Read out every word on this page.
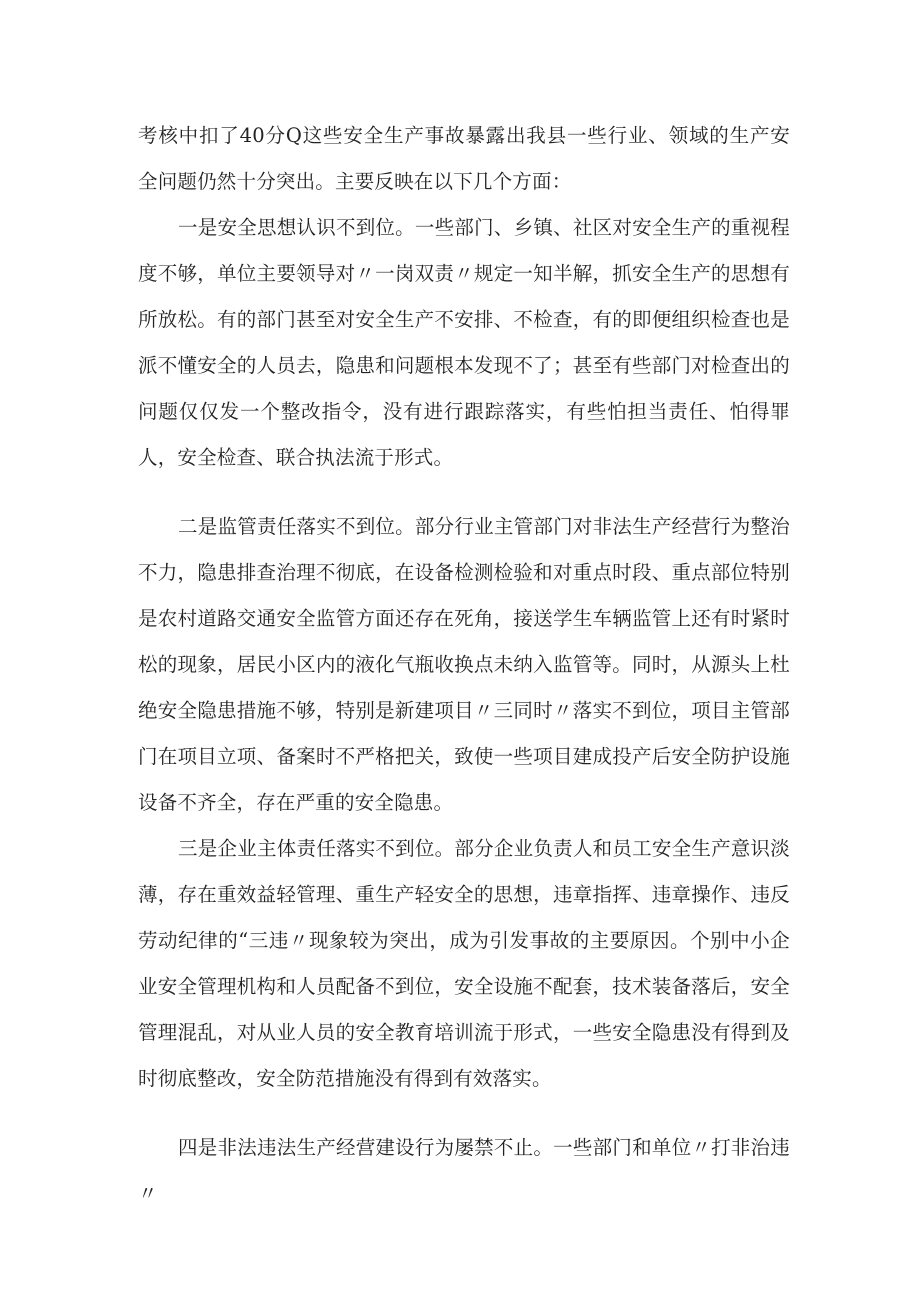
考核中扣了40分Q这些安全生产事故暴露出我县一些行业、领域的生产安全问题仍然十分突出。主要反映在以下几个方面：

一是安全思想认识不到位。一些部门、乡镇、社区对安全生产的重视程度不够，单位主要领导对〃一岗双责〃规定一知半解，抓安全生产的思想有所放松。有的部门甚至对安全生产不安排、不检查，有的即便组织检查也是派不懂安全的人员去，隐患和问题根本发现不了；甚至有些部门对检查出的问题仅仅发一个整改指令，没有进行跟踪落实，有些怕担当责任、怕得罪人，安全检查、联合执法流于形式。

二是监管责任落实不到位。部分行业主管部门对非法生产经营行为整治不力，隐患排查治理不彻底，在设备检测检验和对重点时段、重点部位特别是农村道路交通安全监管方面还存在死角，接送学生车辆监管上还有时紧时松的现象，居民小区内的液化气瓶收换点未纳入监管等。同时，从源头上杜绝安全隐患措施不够，特别是新建项目〃三同时〃落实不到位，项目主管部门在项目立项、备案时不严格把关，致使一些项目建成投产后安全防护设施设备不齐全，存在严重的安全隐患。

三是企业主体责任落实不到位。部分企业负责人和员工安全生产意识淡薄，存在重效益轻管理、重生产轻安全的思想，违章指挥、违章操作、违反劳动纪律的“三违〃现象较为突出，成为引发事故的主要原因。个别中小企业安全管理机构和人员配备不到位，安全设施不配套，技术装备落后，安全管理混乱，对从业人员的安全教育培训流于形式，一些安全隐患没有得到及时彻底整改，安全防范措施没有得到有效落实。

四是非法违法生产经营建设行为屡禁不止。一些部门和单位〃打非治违〃
